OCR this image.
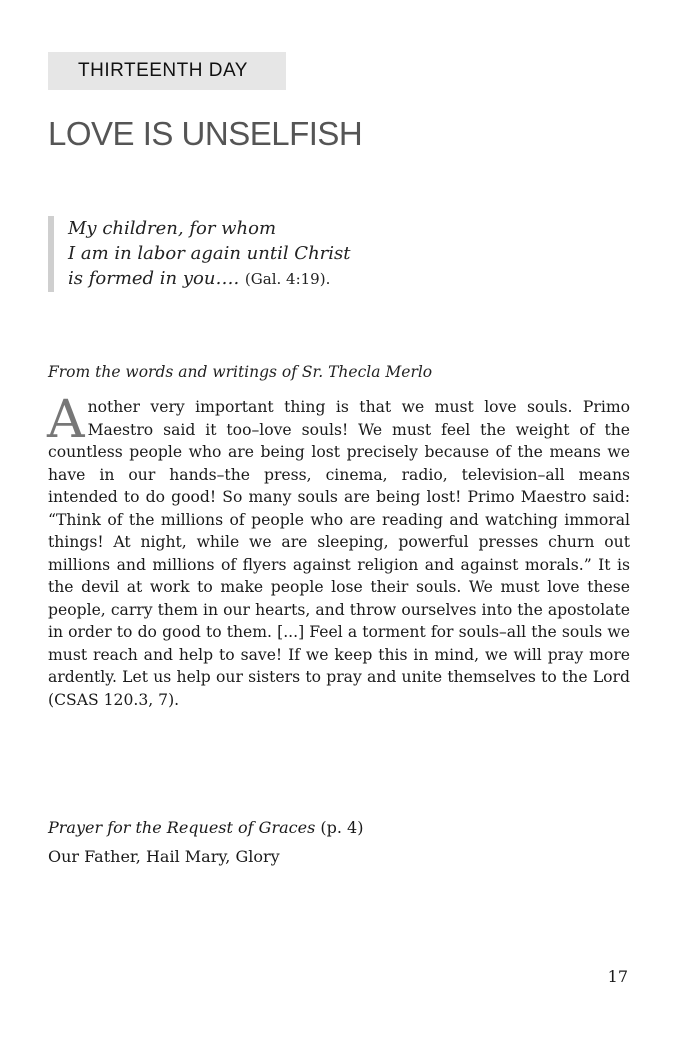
THIRTEENTH DAY
LOVE IS UNSELFISH
My children, for whom
I am in labor again until Christ
is formed in you…. (Gal. 4:19).

From the words and writings of Sr. Thecla Merlo

Another very important thing is that we must love souls. Primo Maestro said it too–love souls! We must feel the weight of the countless people who are being lost precisely because of the means we have in our hands–the press, cinema, radio, television–all means intended to do good! So many souls are being lost! Primo Maestro said: “Think of the millions of people who are reading and watching immoral things! At night, while we are sleeping, powerful presses churn out millions and millions of flyers against religion and against morals.” It is the devil at work to make people lose their souls. We must love these people, carry them in our hearts, and throw ourselves into the apostolate in order to do good to them. [...] Feel a torment for souls–all the souls we must reach and help to save! If we keep this in mind, we will pray more ardently. Let us help our sisters to pray and unite themselves to the Lord (CSAS 120.3, 7).

Prayer for the Request of Graces (p. 4)

Our Father, Hail Mary, Glory

17
